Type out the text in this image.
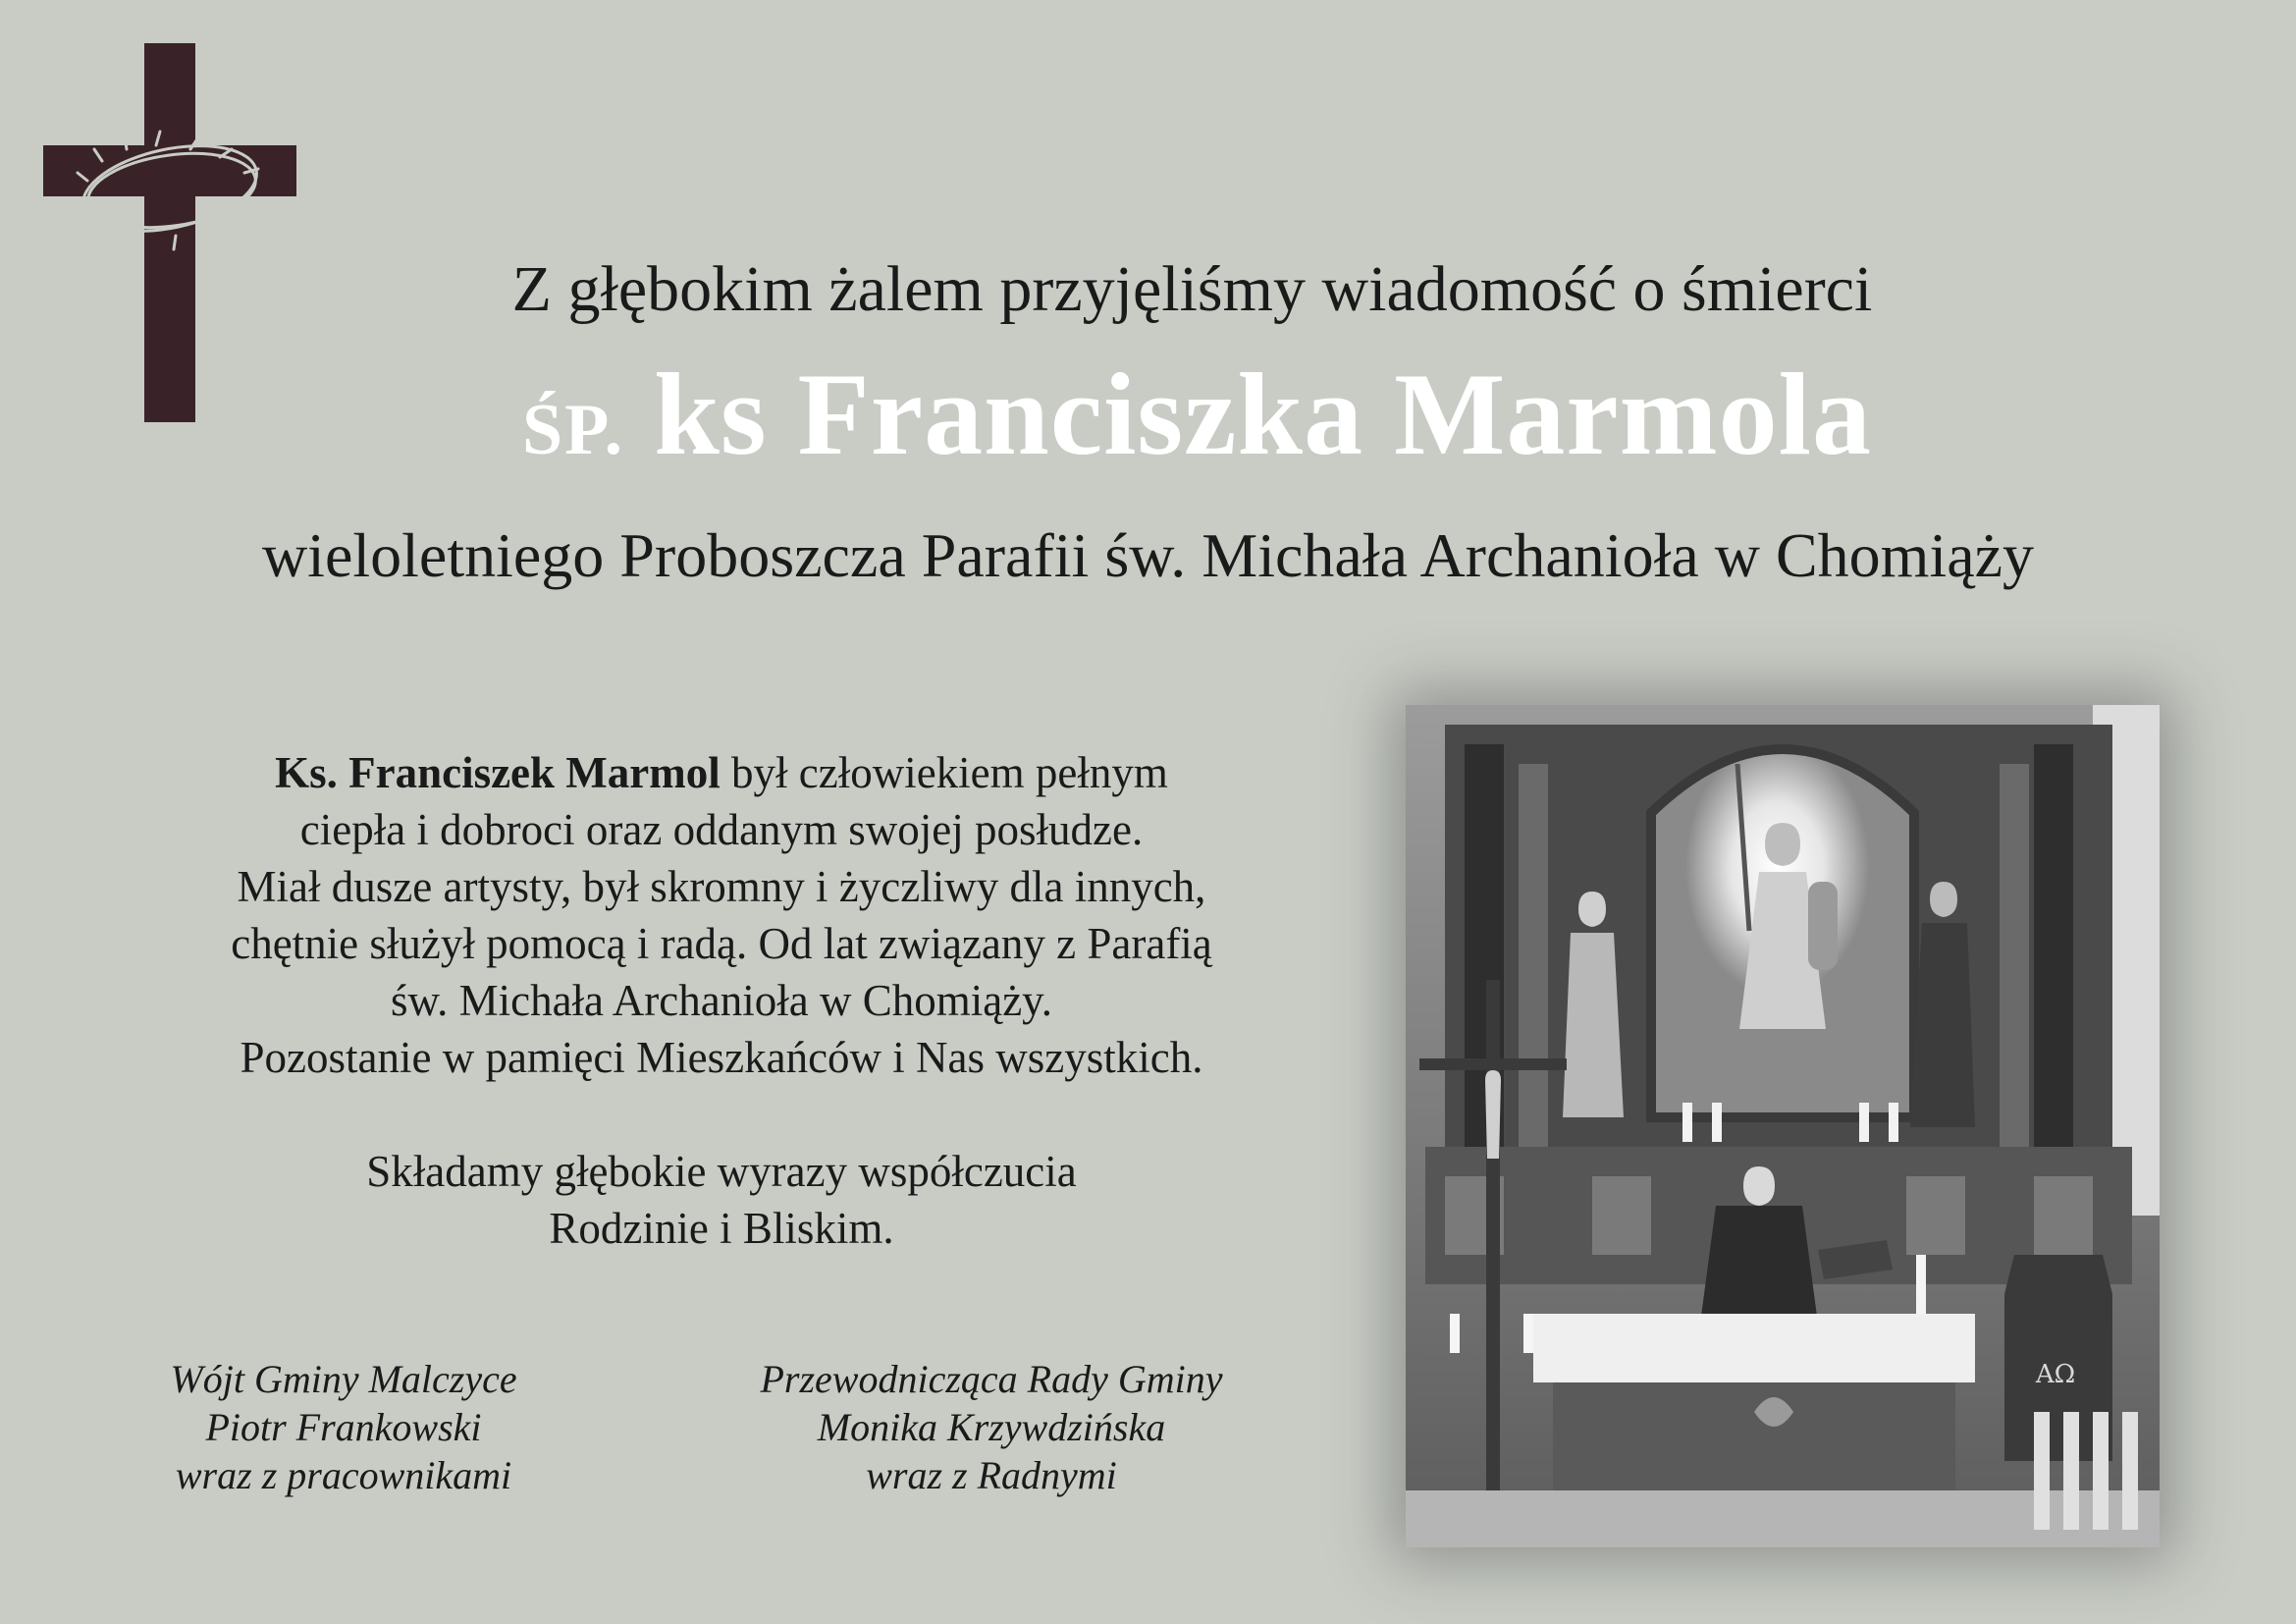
Z głębokim żalem przyjęliśmy wiadomość o śmierci
ŚP. ks Franciszka Marmola
wieloletniego Proboszcza Parafii św. Michała Archanioła w Chomiąży

Ks. Franciszek Marmol był człowiekiem pełnym

ciepła i dobroci oraz oddanym swojej posłudze.

Miał dusze artysty, był skromny i życzliwy dla innych,

chętnie służył pomocą i radą. Od lat związany z Parafią

św. Michała Archanioła w Chomiąży.

Pozostanie w pamięci Mieszkańców i Nas wszystkich.

Składamy głębokie wyrazy współczucia

Rodzinie i Bliskim.

Wójt Gminy Malczyce

Piotr Frankowski

wraz z pracownikami

Przewodnicząca Rady Gminy

Monika Krzywdzińska

wraz z Radnymi

AΩ
